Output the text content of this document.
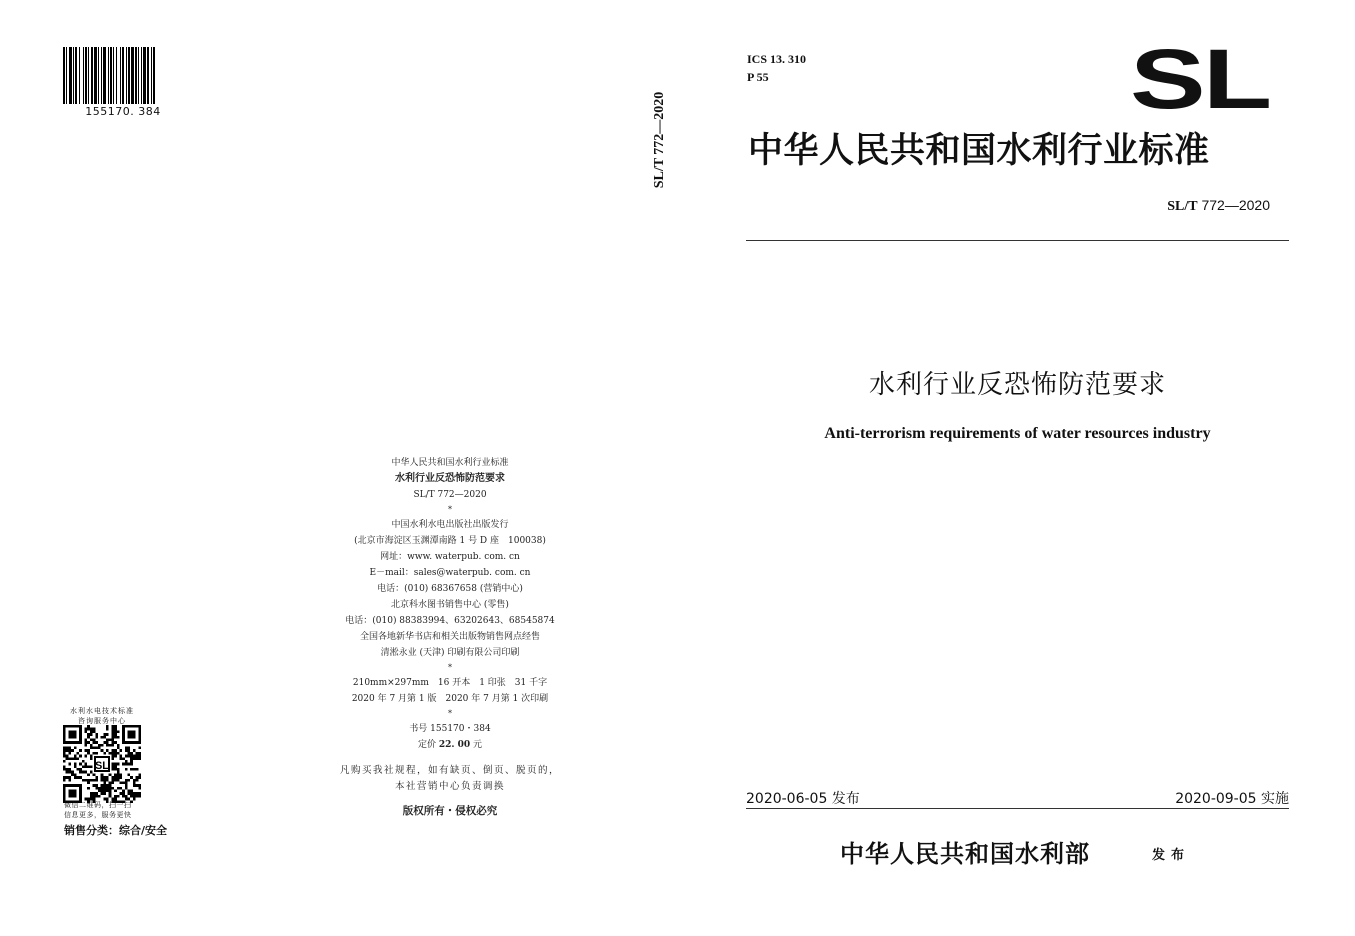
155170. 384
中华人民共和国水利行业标准
水利行业反恐怖防范要求
SL/T 772—2020
*
中国水利水电出版社出版发行
(北京市海淀区玉渊潭南路 1 号 D 座　100038)
网址：www. waterpub. com. cn
E－mail：sales@waterpub. com. cn
电话：(010) 68367658 (营销中心)
北京科水图书销售中心 (零售)
电话：(010) 88383994、63202643、68545874
全国各地新华书店和相关出版物销售网点经售
清淞永业 (天津) 印刷有限公司印刷
*
210mm×297mm　16 开本　1 印张　31 千字
2020 年 7 月第 1 版　2020 年 7 月第 1 次印刷
*
书号 155170・384
定价 22. 00 元
凡购买我社规程，如有缺页、倒页、脱页的，
本社营销中心负责调换
版权所有・侵权必究
水利水电技术标准
咨询服务中心
SL
微信二维码，扫一扫
信息更多，服务更快
销售分类：综合/安全
SL/T 772—2020
ICS 13. 310
P 55	SL
中华人民共和国水利行业标准
SL/T 772—2020
水利行业反恐怖防范要求
Anti-terrorism requirements of water resources industry
2020-06-05 发布	2020-09-05 实施
中华人民共和国水利部	发布
